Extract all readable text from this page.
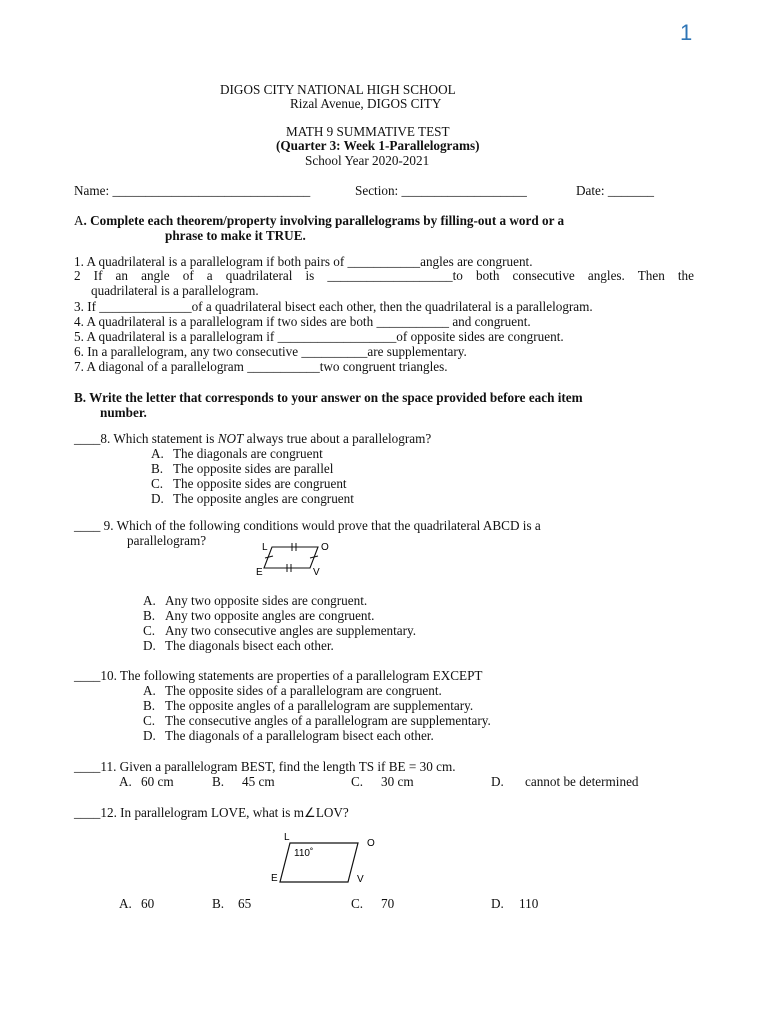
1
DIGOS CITY NATIONAL HIGH SCHOOL
Rizal Avenue, DIGOS CITY
MATH 9 SUMMATIVE TEST
(Quarter 3: Week 1-Parallelograms)
School Year 2020-2021
Name: ______________________________	Section: ___________________	Date: _______
A. Complete each theorem/property involving parallelograms by filling-out a word or a
phrase to make it TRUE.
1. A quadrilateral is a parallelogram if both pairs of ___________angles are congruent.
2 If an angle of a quadrilateral is ___________________to both consecutive angles. Then the
quadrilateral is a parallelogram.
3. If ______________of a quadrilateral bisect each other, then the quadrilateral is a parallelogram.
4. A quadrilateral is a parallelogram if two sides are both ___________ and congruent.
5. A quadrilateral is a parallelogram if __________________of opposite sides are congruent.
6. In a parallelogram, any two consecutive __________are supplementary.
7. A diagonal of a parallelogram ___________two congruent triangles.
B. Write the letter that corresponds to your answer on the space provided before each item
number.
____8. Which statement is NOT always true about a parallelogram?
A. The diagonals are congruent
B. The opposite sides are parallel
C. The opposite sides are congruent
D. The opposite angles are congruent
____ 9. Which of the following conditions would prove that the quadrilateral ABCD is a
parallelogram?	L	O
E	V
A. Any two opposite sides are congruent.
B. Any two opposite angles are congruent.
C. Any two consecutive angles are supplementary.
D. The diagonals bisect each other.
____10. The following statements are properties of a parallelogram EXCEPT
A. The opposite sides of a parallelogram are congruent.
B. The opposite angles of a parallelogram are supplementary.
C. The consecutive angles of a parallelogram are supplementary.
D. The diagonals of a parallelogram bisect each other.
____11. Given a parallelogram BEST, find the length TS if BE = 30 cm.
A. 60 cm	B. 45 cm	C. 30 cm	D. cannot be determined
____12. In parallelogram LOVE, what is m∠LOV?
L
O
E	V
110˚
A. 60	B. 65	C. 70	D. 110
